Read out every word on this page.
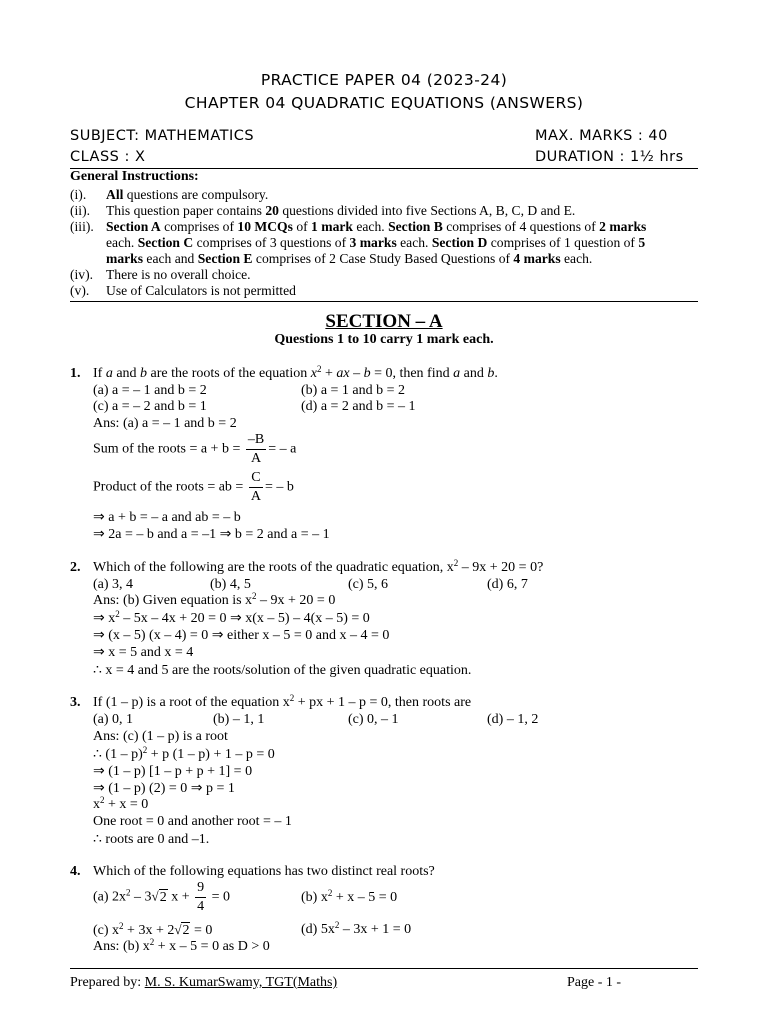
PRACTICE PAPER 04 (2023-24)
CHAPTER 04 QUADRATIC EQUATIONS (ANSWERS)
SUBJECT: MATHEMATICS	MAX. MARKS : 40
CLASS : X	DURATION : 1½ hrs
General Instructions:
(i). All questions are compulsory.
(ii). This question paper contains 20 questions divided into five Sections A, B, C, D and E.
(iii). Section A comprises of 10 MCQs of 1 mark each. Section B comprises of 4 questions of 2 marks
each. Section C comprises of 3 questions of 3 marks each. Section D comprises of 1 question of 5
marks each and Section E comprises of 2 Case Study Based Questions of 4 marks each.
(iv). There is no overall choice.
(v). Use of Calculators is not permitted
SECTION – A
Questions 1 to 10 carry 1 mark each.
1. If a and b are the roots of the equation $x^2$ + ax – b = 0, then find a and b.
(a) a = – 1 and b = 2	(b) a = 1 and b = 2
(c) a = – 2 and b = 1	(d) a = 2 and b = – 1
Ans: (a) a = – 1 and b = 2
Sum of the roots = $a + b = \frac{-B}{A}$ = – a
Product of the roots = ab = $\frac{C}{A}$ = – b
⇒ a + b = – a and ab = – b
⇒ 2a = – b and a = –1 ⇒ b = 2 and a = – 1
2. Which of the following are the roots of the quadratic equation, $x^2 - 9x + 20 = 0$?
(a) 3, 4	(b) 4, 5	(c) 5, 6	(d) 6, 7
Ans: (b) Given equation is $x^2 - 9x + 20 = 0$
⇒ $x^2 - 5x - 4x + 20 = 0$ ⇒ x(x – 5) – 4(x – 5) = 0
⇒ (x – 5) (x – 4) = 0 ⇒ either x – 5 = 0 and x – 4 = 0
⇒ x = 5 and x = 4
∴ x = 4 and 5 are the roots/solution of the given quadratic equation.
3. If (1 – p) is a root of the equation $x^2$ + px + 1 – p = 0, then roots are
(a) 0, 1	(b) – 1, 1	(c) 0, – 1	(d) – 1, 2
Ans: (c) (1 – p) is a root
∴ (1 – p)$^2$ + p (1 – p) + 1 – p = 0
⇒ (1 – p) [1 – p + p + 1] = 0
⇒ (1 – p) (2) = 0 ⇒ p = 1
$x^2 + x = 0$
One root = 0 and another root = – 1
∴ roots are 0 and –1.
4. Which of the following equations has two distinct real roots?
(a) $2x^2 - 3√2$ $x + \frac{9}{4} = 0$	(b) $x^2 + x - 5 = 0$
(c) $x^2 + 3x + 2√2 = 0$	(d) $5x^2 - 3x + 1 = 0$
Ans: (b) $x^2 + x - 5 = 0$ as D > 0
Prepared by: M. S. KumarSwamy, TGT(Maths)	Page - 1 -
